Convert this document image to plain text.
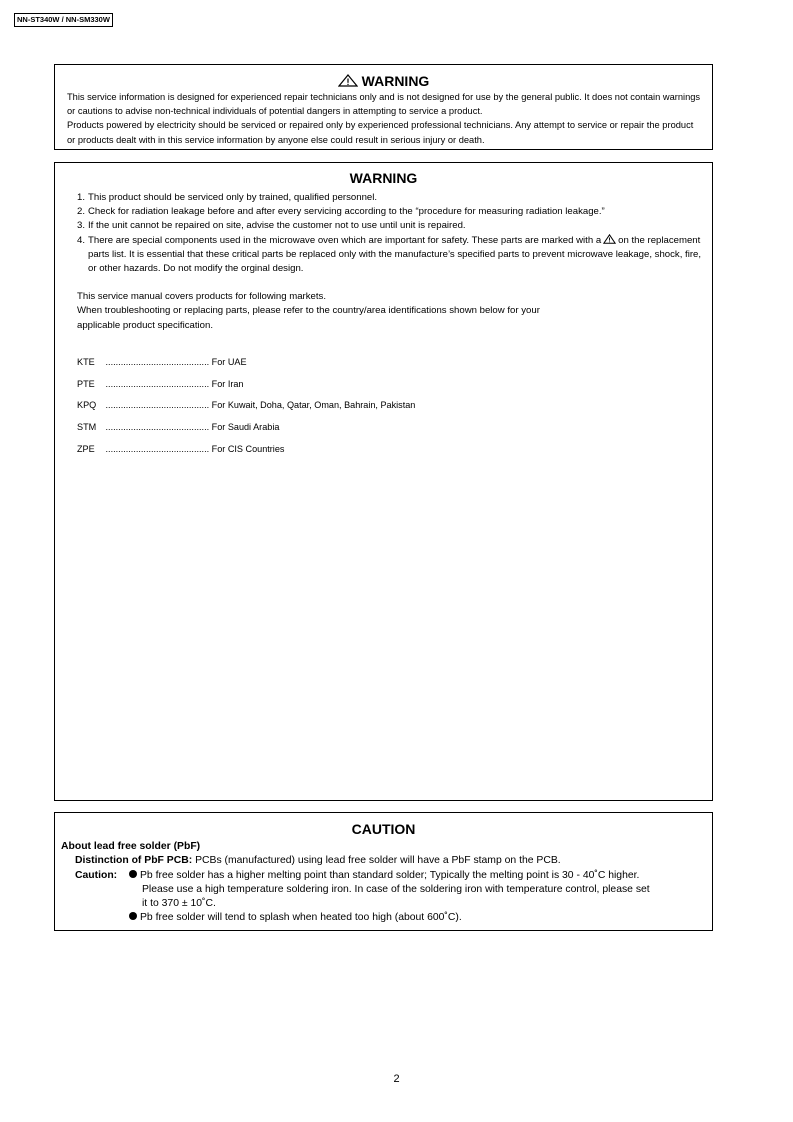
NN-ST340W / NN-SM330W
WARNING
This service information is designed for experienced repair technicians only and is not designed for use by the general public. It does not contain warnings or cautions to advise non-technical individuals of potential dangers in attempting to service a product.
Products powered by electricity should be serviced or repaired only by experienced professional technicians. Any attempt to service or repair the product or products dealt with in this service information by anyone else could result in serious injury or death.
WARNING
1. This product should be serviced only by trained, qualified personnel.
2. Check for radiation leakage before and after every servicing according to the “procedure for measuring radiation leakage.”
3. If the unit cannot be repaired on site, advise the customer not to use until unit is repaired.
4. There are special components used in the microwave oven which are important for safety. These parts are marked with a on the replacement parts list. It is essential that these critical parts be replaced only with the manufacture’s specified parts to prevent microwave leakage, shock, fire, or other hazards. Do not modify the orginal design.
This service manual covers products for following markets.
When troubleshooting or replacing parts, please refer to the country/area identifications shown below for your
applicable product specification.
KTE ......................................... For UAE
PTE ......................................... For Iran
KPQ ......................................... For Kuwait, Doha, Qatar, Oman, Bahrain, Pakistan
STM ......................................... For Saudi Arabia
ZPE ......................................... For CIS Countries
CAUTION
About lead free solder (PbF)
Distinction of PbF PCB: PCBs (manufactured) using lead free solder will have a PbF stamp on the PCB.
Caution: Pb free solder has a higher melting point than standard solder; Typically the melting point is 30 - 40˚C higher.
Please use a high temperature soldering iron. In case of the soldering iron with temperature control, please set
it to 370 ± 10˚C.
Pb free solder will tend to splash when heated too high (about 600˚C).
2
